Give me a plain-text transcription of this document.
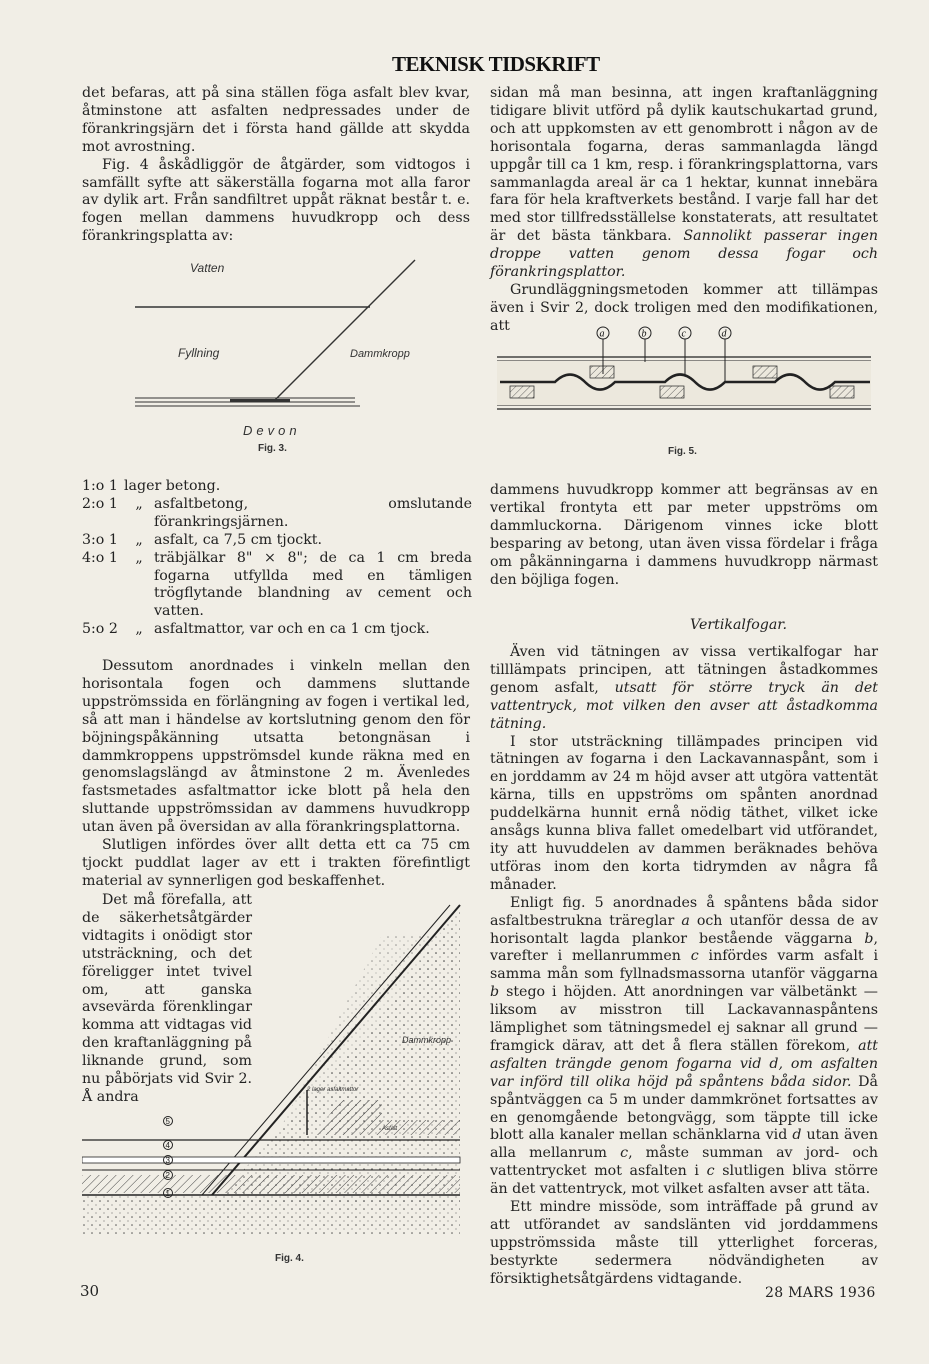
TEKNISK TIDSKRIFT

det befaras, att på sina ställen föga asfalt blev kvar, åtminstone att asfalten nedpressades under de förankringsjärn det i första hand gällde att skydda mot avrostning.

Fig. 4 åskådliggör de åtgärder, som vidtogos i samfällt syfte att säkerställa fogarna mot alla faror av dylik art. Från sandfiltret uppåt räknat består t. e. fogen mellan dammens huvudkropp och dess förankringsplatta av:

Vatten
Fyllning	Dammkropp
Devon
Fig. 3.
1:o 1 lager betong.
2:o 1	„ asfaltbetong, omslutande förankringsjärnen.
3:o 1	„ asfalt, ca 7,5 cm tjockt.
4:o 1	„ träbjälkar 8" × 8"; de ca 1 cm breda fogarna utfyllda med en tämligen trögflytande blandning av cement och vatten.
5:o 2	„ asfaltmattor, var och en ca 1 cm tjock.

Dessutom anordnades i vinkeln mellan den horisontala fogen och dammens sluttande uppströmssida en förlängning av fogen i vertikal led, så att man i händelse av kortslutning genom den för böjningspåkänning utsatta betongnäsan i dammkroppens uppströmsdel kunde räkna med en genomslagslängd av åtminstone 2 m. Ävenledes fastsmetades asfaltmattor icke blott på hela den sluttande uppströmssidan av dammens huvudkropp utan även på översidan av alla förankringsplattorna.

Slutligen infördes över allt detta ett ca 75 cm tjockt puddlat lager av ett i trakten förefintligt material av synnerligen god beskaffenhet.

Det må förefalla, att de säkerhetsåtgärder vidtagits i onödigt stor utsträckning, och det föreligger intet tvivel om, att ganska avsevärda förenklingar komma att vidtagas vid den kraftanläggning på liknande grund, som nu påbörjats vid Svir 2. Å andra

Dammkropp
2 lager asfaltmattor
Asfalt
5
4
3
2
1
Fig. 4.

sidan må man besinna, att ingen kraftanläggning tidigare blivit utförd på dylik kautschukartad grund, och att uppkomsten av ett genombrott i någon av de horisontala fogarna, deras sammanlagda längd uppgår till ca 1 km, resp. i förankringsplattorna, vars sammanlagda areal är ca 1 hektar, kunnat innebära fara för hela kraftverkets bestånd. I varje fall har det med stor tillfredsställelse konstaterats, att resultatet är det bästa tänkbara. Sannolikt passerar ingen droppe vatten genom dessa fogar och förankringsplattor.

Grundläggningsmetoden kommer att tillämpas även i Svir 2, dock troligen med den modifikationen, att

a	b	c	d
Fig. 5.

dammens huvudkropp kommer att begränsas av en vertikal frontyta ett par meter uppströms om dammluckorna. Därigenom vinnes icke blott besparing av betong, utan även vissa fördelar i fråga om påkänningarna i dammens huvudkropp närmast den böjliga fogen.

Vertikalfogar.

Även vid tätningen av vissa vertikalfogar har tilllämpats principen, att tätningen åstadkommes genom asfalt, utsatt för större tryck än det vattentryck, mot vilken den avser att åstadkomma tätning.

I stor utsträckning tillämpades principen vid tätningen av fogarna i den Lackavannaspånt, som i en jorddamm av 24 m höjd avser att utgöra vattentät kärna, tills en uppströms om spånten anordnad puddelkärna hunnit ernå nödig täthet, vilket icke ansågs kunna bliva fallet omedelbart vid utförandet, ity att huvuddelen av dammen beräknades behöva utföras inom den korta tidrymden av några få månader.

Enligt fig. 5 anordnades å spåntens båda sidor asfaltbestrukna träreglar a och utanför dessa de av horisontalt lagda plankor bestående väggarna b, varefter i mellanrummen c infördes varm asfalt i samma mån som fyllnadsmassorna utanför väggarna b stego i höjden. Att anordningen var välbetänkt — liksom av misstron till Lackavannaspåntens lämplighet som tätningsmedel ej saknar all grund — framgick därav, att det å flera ställen förekom, att asfalten trängde genom fogarna vid d, om asfalten var införd till olika höjd på spåntens båda sidor. Då spåntväggen ca 5 m under dammkrönet fortsattes av en genomgående betongvägg, som täppte till icke blott alla kanaler mellan schänklarna vid d utan även alla mellanrum c, måste summan av jord- och vattentrycket mot asfalten i c slutligen bliva större än det vattentryck, mot vilket asfalten avser att täta.

Ett mindre missöde, som inträffade på grund av att utförandet av sandslänten vid jorddammens uppströmssida måste till ytterlighet forceras, bestyrkte sedermera nödvändigheten av försiktighetsåtgärdens vidtagande.

30	28 MARS 1936
